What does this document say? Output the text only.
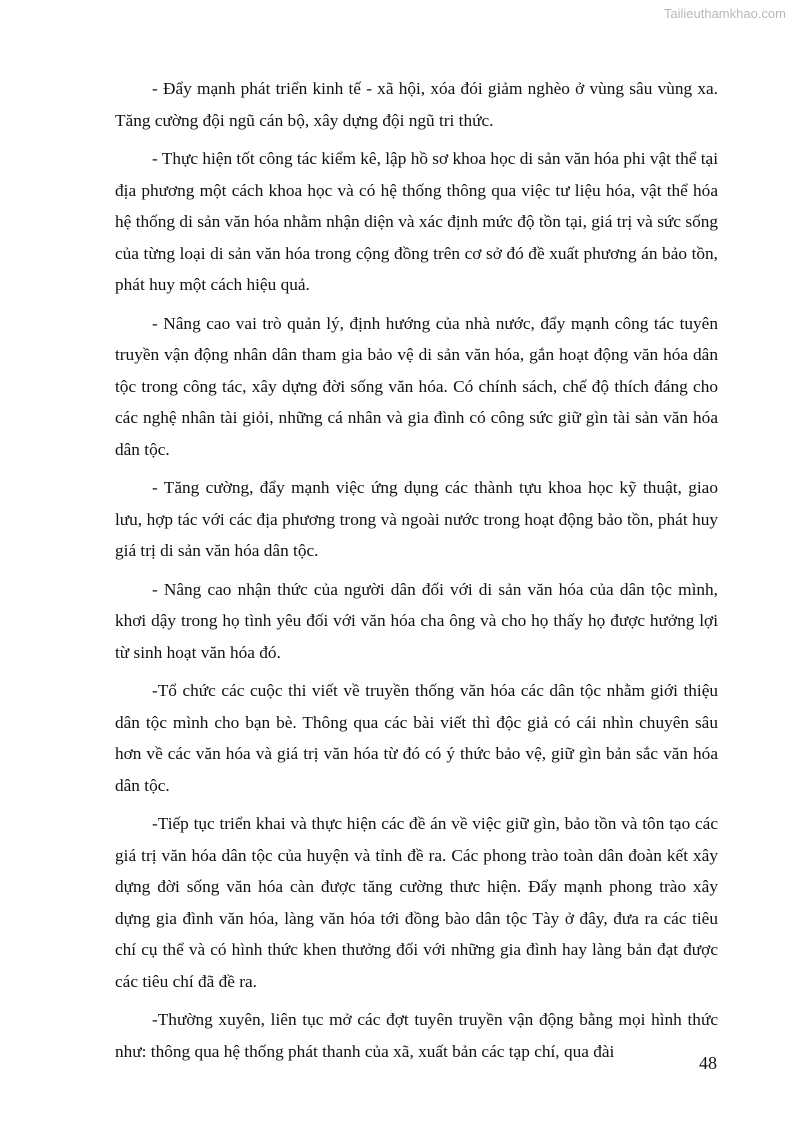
Tailieuthamkhao.com

- Đẩy mạnh phát triển kinh tế - xã hội, xóa đói giảm nghèo ở vùng sâu vùng xa. Tăng cường đội ngũ cán bộ, xây dựng đội ngũ tri thức.

- Thực hiện tốt công tác kiểm kê, lập hồ sơ khoa học di sản văn hóa phi vật thể tại địa phương một cách khoa học và có hệ thống thông qua việc tư liệu hóa, vật thể hóa hệ thống di sản văn hóa nhằm nhận diện và xác định mức độ tồn tại, giá trị và sức sống của từng loại di sản văn hóa trong cộng đồng trên cơ sở đó đề xuất phương án bảo tồn, phát huy một cách hiệu quả.

- Nâng cao vai trò quản lý, định hướng của nhà nước, đẩy mạnh công tác tuyên truyền vận động nhân dân tham gia bảo vệ di sản văn hóa, gắn hoạt động văn hóa dân tộc trong công tác, xây dựng đời sống văn hóa. Có chính sách, chế độ thích đáng cho các nghệ nhân tài giỏi, những cá nhân và gia đình có công sức giữ gìn tài sản văn hóa dân tộc.

- Tăng cường, đẩy mạnh việc ứng dụng các thành tựu khoa học kỹ thuật, giao lưu, hợp tác với các địa phương trong và ngoài nước trong hoạt động bảo tồn, phát huy giá trị di sản văn hóa dân tộc.

- Nâng cao nhận thức của người dân đối với di sản văn hóa của dân tộc mình, khơi dậy trong họ tình yêu đối với văn hóa cha ông và cho họ thấy họ được hưởng lợi từ sinh hoạt văn hóa đó.

-Tổ chức các cuộc thi viết về truyền thống văn hóa các dân tộc nhằm giới thiệu dân tộc mình cho bạn bè. Thông qua các bài viết thì độc giả có cái nhìn chuyên sâu hơn về các văn hóa và giá trị văn hóa từ đó có ý thức bảo vệ, giữ gìn bản sắc văn hóa dân tộc.

-Tiếp tục triển khai và thực hiện các đề án về việc giữ gìn, bảo tồn và tôn tạo các giá trị văn hóa dân tộc của huyện và tỉnh đề ra. Các phong trào toàn dân đoàn kết xây dựng đời sống văn hóa càn được tăng cường thưc hiện. Đẩy mạnh phong trào xây dựng gia đình văn hóa, làng văn hóa tới đồng bào dân tộc Tày ở đây, đưa ra các tiêu chí cụ thể và có hình thức khen thưởng đối với những gia đình hay làng bản đạt được các tiêu chí đã đề ra.

-Thường xuyên, liên tục mở các đợt tuyên truyền vận động bằng mọi hình thức như: thông qua hệ thống phát thanh của xã, xuất bản các tạp chí, qua đài

48
